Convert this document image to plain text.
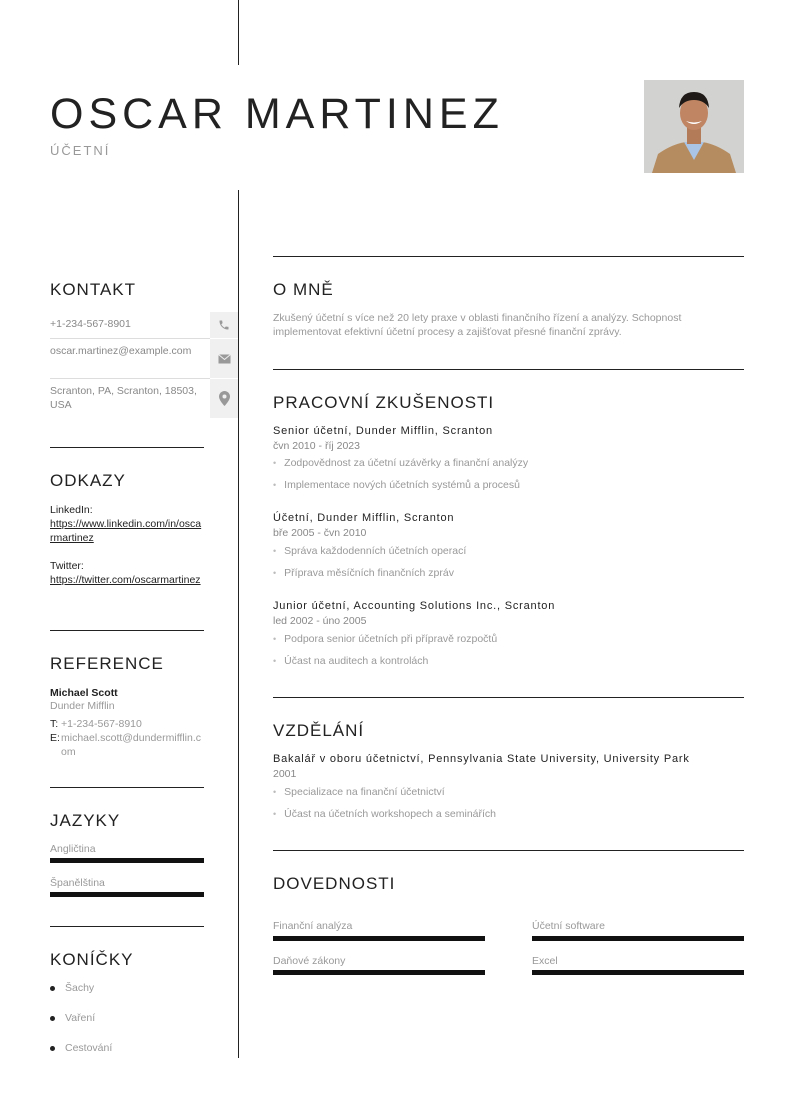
OSCAR MARTINEZ
ÚČETNÍ
KONTAKT
+1-234-567-8901
oscar.martinez@example.com
Scranton, PA, Scranton, 18503, USA
ODKAZY
LinkedIn:
https://www.linkedin.com/in/oscarmartinez
Twitter:
https://twitter.com/oscarmartinez
REFERENCE
Michael Scott
Dunder Mifflin
T: +1-234-567-8910
E: michael.scott@dundermifflin.com
JAZYKY
Angličtina
Španělština
KONÍČKY
Šachy
Vaření
Cestování
O MNĚ
Zkušený účetní s více než 20 lety praxe v oblasti finančního řízení a analýzy. Schopnost implementovat efektivní účetní procesy a zajišťovat přesné finanční zprávy.
PRACOVNÍ ZKUŠENOSTI
Senior účetní, Dunder Mifflin, Scranton
čvn 2010 - říj 2023
• Zodpovědnost za účetní uzávěrky a finanční analýzy
• Implementace nových účetních systémů a procesů
Účetní, Dunder Mifflin, Scranton
bře 2005 - čvn 2010
• Správa každodenních účetních operací
• Příprava měsíčních finančních zpráv
Junior účetní, Accounting Solutions Inc., Scranton
led 2002 - úno 2005
• Podpora senior účetních při přípravě rozpočtů
• Účast na auditech a kontrolách
VZDĚLÁNÍ
Bakalář v oboru účetnictví, Pennsylvania State University, University Park
2001
• Specializace na finanční účetnictví
• Účast na účetních workshopech a seminářích
DOVEDNOSTI
Finanční analýza	Účetní software
Daňové zákony	Excel
